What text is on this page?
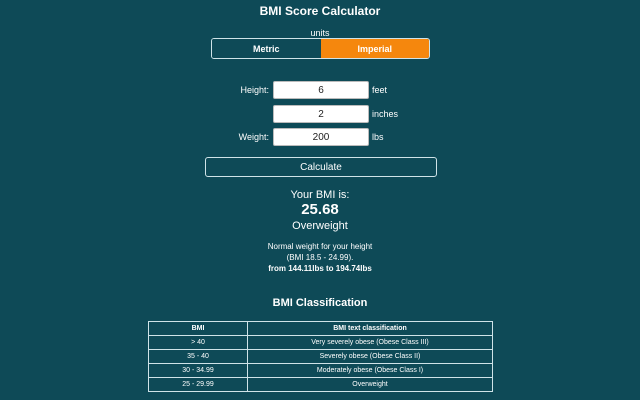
BMI Score Calculator
units
Metric	Imperial
Height:
6	feet
2
inches
Weight:
200	lbs
Calculate
Your BMI is:
25.68
Overweight
Normal weight for your height
(BMI 18.5 - 24.99).
from 144.11lbs to 194.74lbs
BMI Classification
BMI	BMI text classification
> 40	Very severely obese (Obese Class III)
35 - 40	Severely obese (Obese Class II)
30 - 34.99	Moderately obese (Obese Class I)
25 - 29.99	Overweight
